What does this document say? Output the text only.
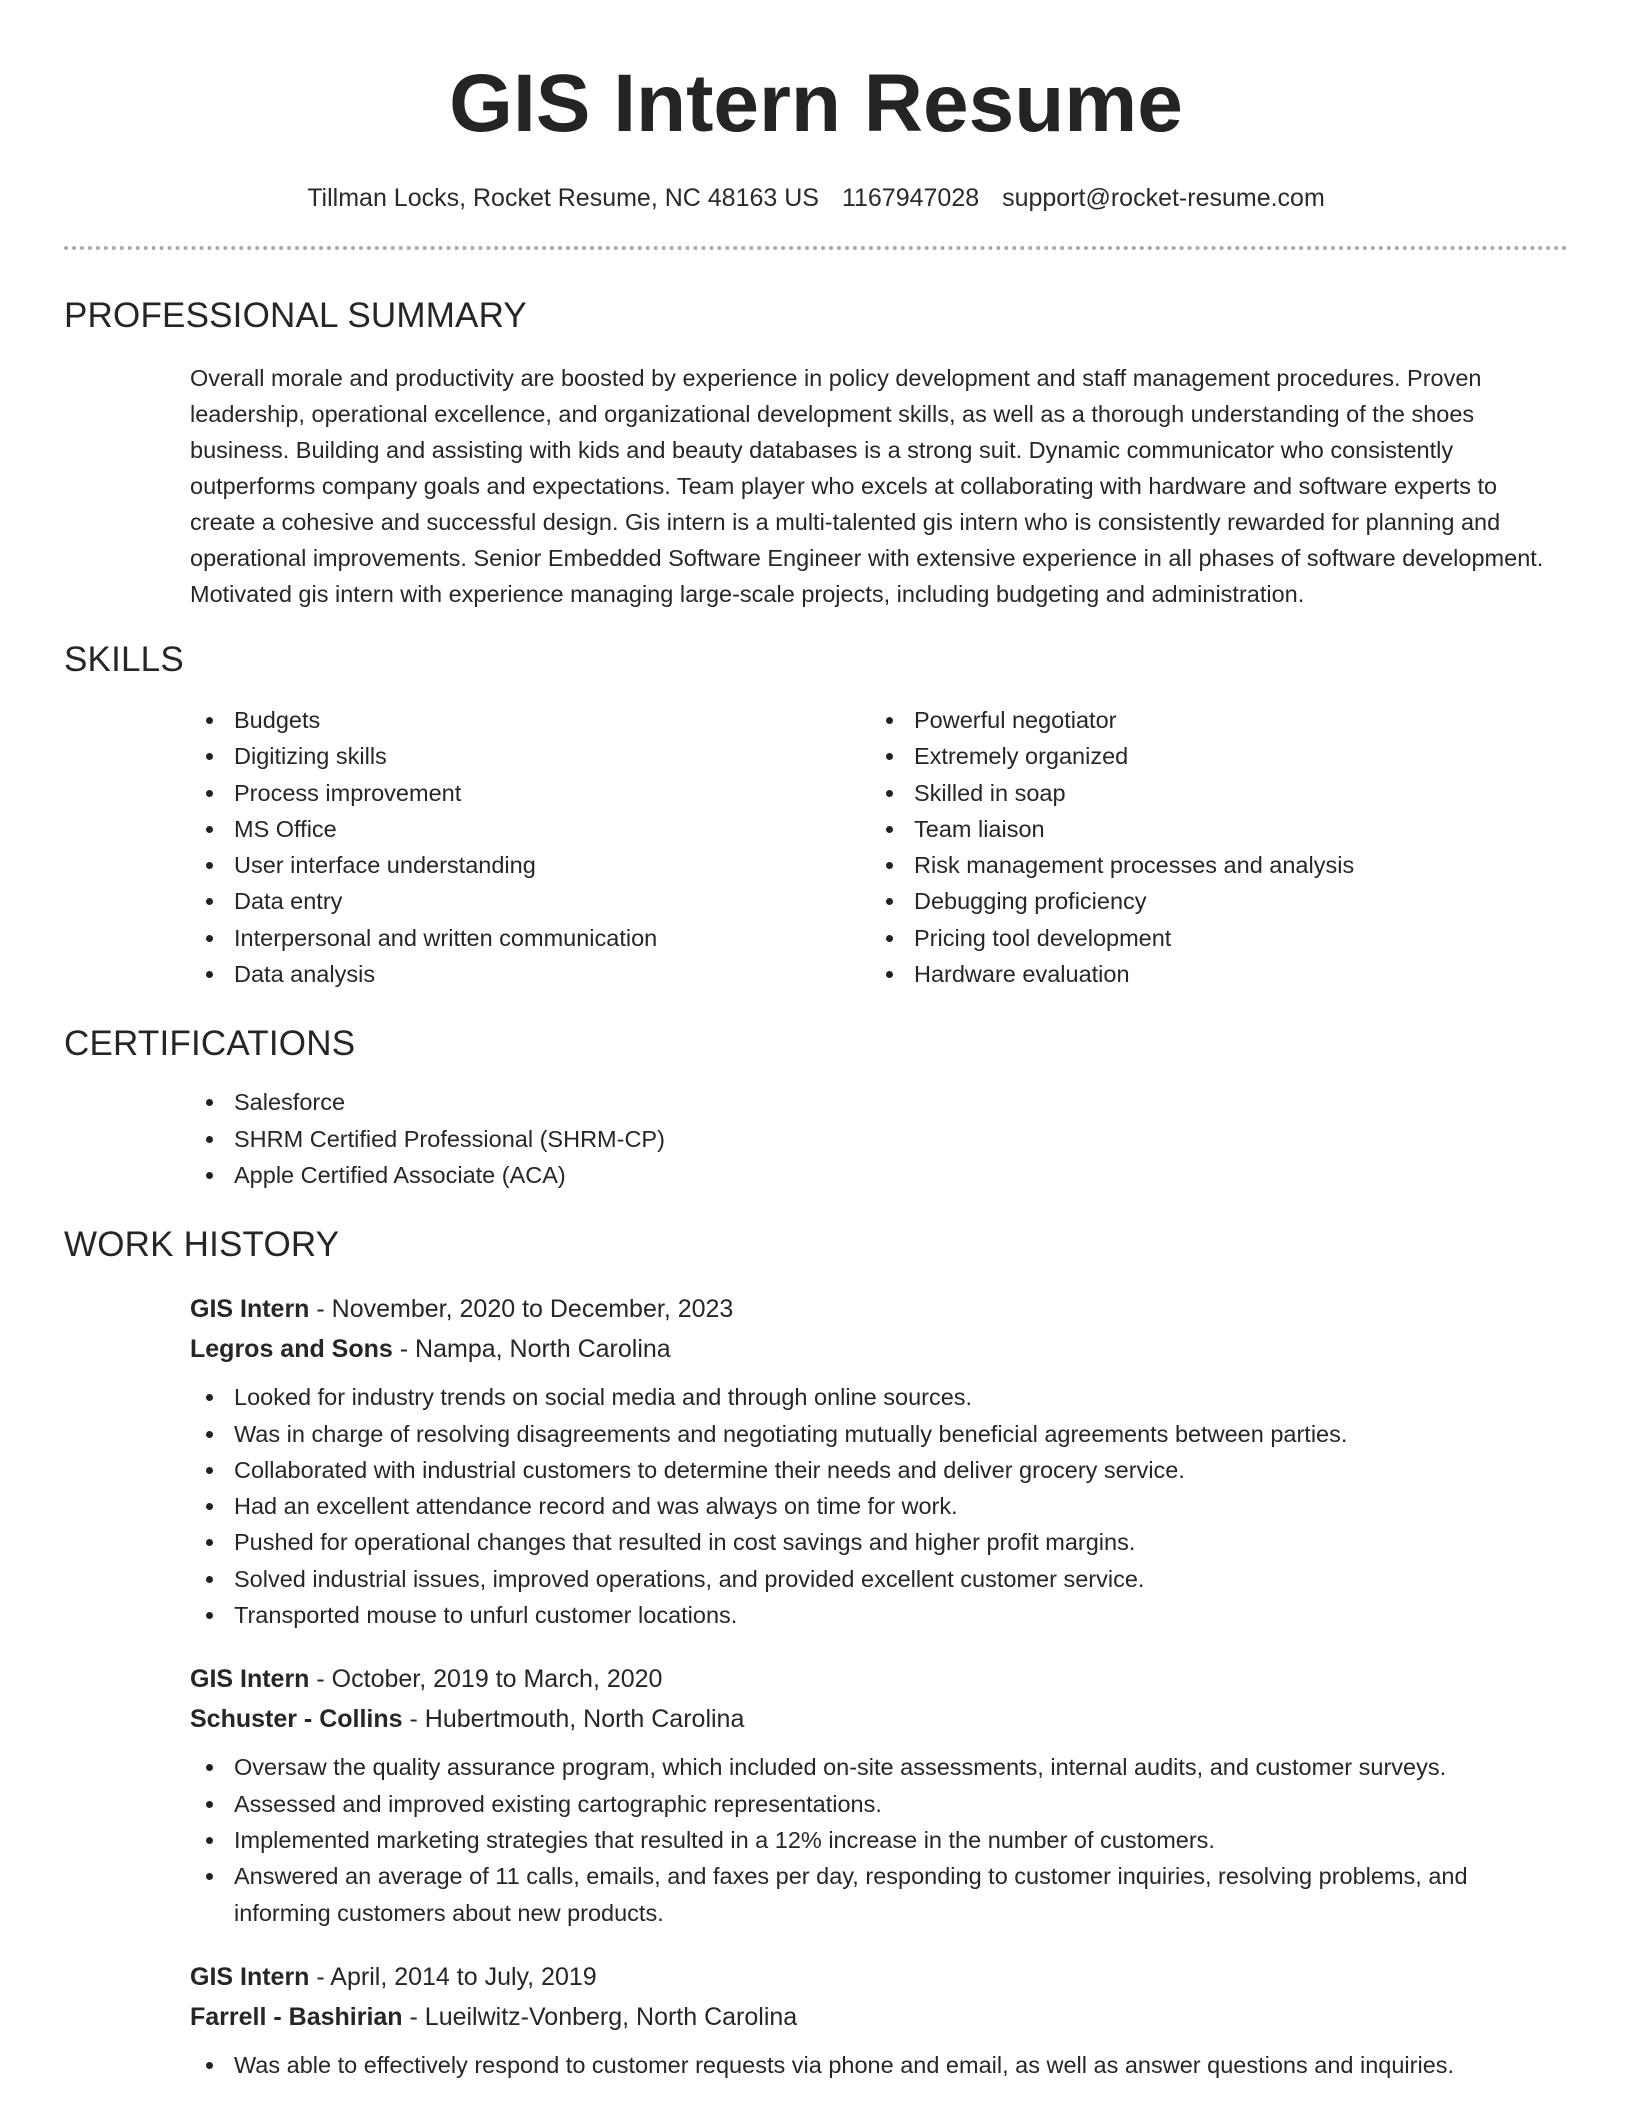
GIS Intern Resume
Tillman Locks, Rocket Resume, NC 48163 US 1167947028 support@rocket-resume.com
PROFESSIONAL SUMMARY

Overall morale and productivity are boosted by experience in policy development and staff management procedures. Proven leadership, operational excellence, and organizational development skills, as well as a thorough understanding of the shoes business. Building and assisting with kids and beauty databases is a strong suit. Dynamic communicator who consistently outperforms company goals and expectations. Team player who excels at collaborating with hardware and software experts to create a cohesive and successful design. Gis intern is a multi-talented gis intern who is consistently rewarded for planning and operational improvements. Senior Embedded Software Engineer with extensive experience in all phases of software development. Motivated gis intern with experience managing large-scale projects, including budgeting and administration.

SKILLS
Budgets
Digitizing skills
Process improvement
MS Office
User interface understanding
Data entry
Interpersonal and written communication
Data analysis
Powerful negotiator
Extremely organized
Skilled in soap
Team liaison
Risk management processes and analysis
Debugging proficiency
Pricing tool development
Hardware evaluation
CERTIFICATIONS
Salesforce
SHRM Certified Professional (SHRM-CP)
Apple Certified Associate (ACA)
WORK HISTORY
GIS Intern - November, 2020 to December, 2023
Legros and Sons - Nampa, North Carolina
Looked for industry trends on social media and through online sources.
Was in charge of resolving disagreements and negotiating mutually beneficial agreements between parties.
Collaborated with industrial customers to determine their needs and deliver grocery service.
Had an excellent attendance record and was always on time for work.
Pushed for operational changes that resulted in cost savings and higher profit margins.
Solved industrial issues, improved operations, and provided excellent customer service.
Transported mouse to unfurl customer locations.
GIS Intern - October, 2019 to March, 2020
Schuster - Collins - Hubertmouth, North Carolina
Oversaw the quality assurance program, which included on-site assessments, internal audits, and customer surveys.
Assessed and improved existing cartographic representations.
Implemented marketing strategies that resulted in a 12% increase in the number of customers.
Answered an average of 11 calls, emails, and faxes per day, responding to customer inquiries, resolving problems, and informing customers about new products.
GIS Intern - April, 2014 to July, 2019
Farrell - Bashirian - Lueilwitz-Vonberg, North Carolina
Was able to effectively respond to customer requests via phone and email, as well as answer questions and inquiries.
